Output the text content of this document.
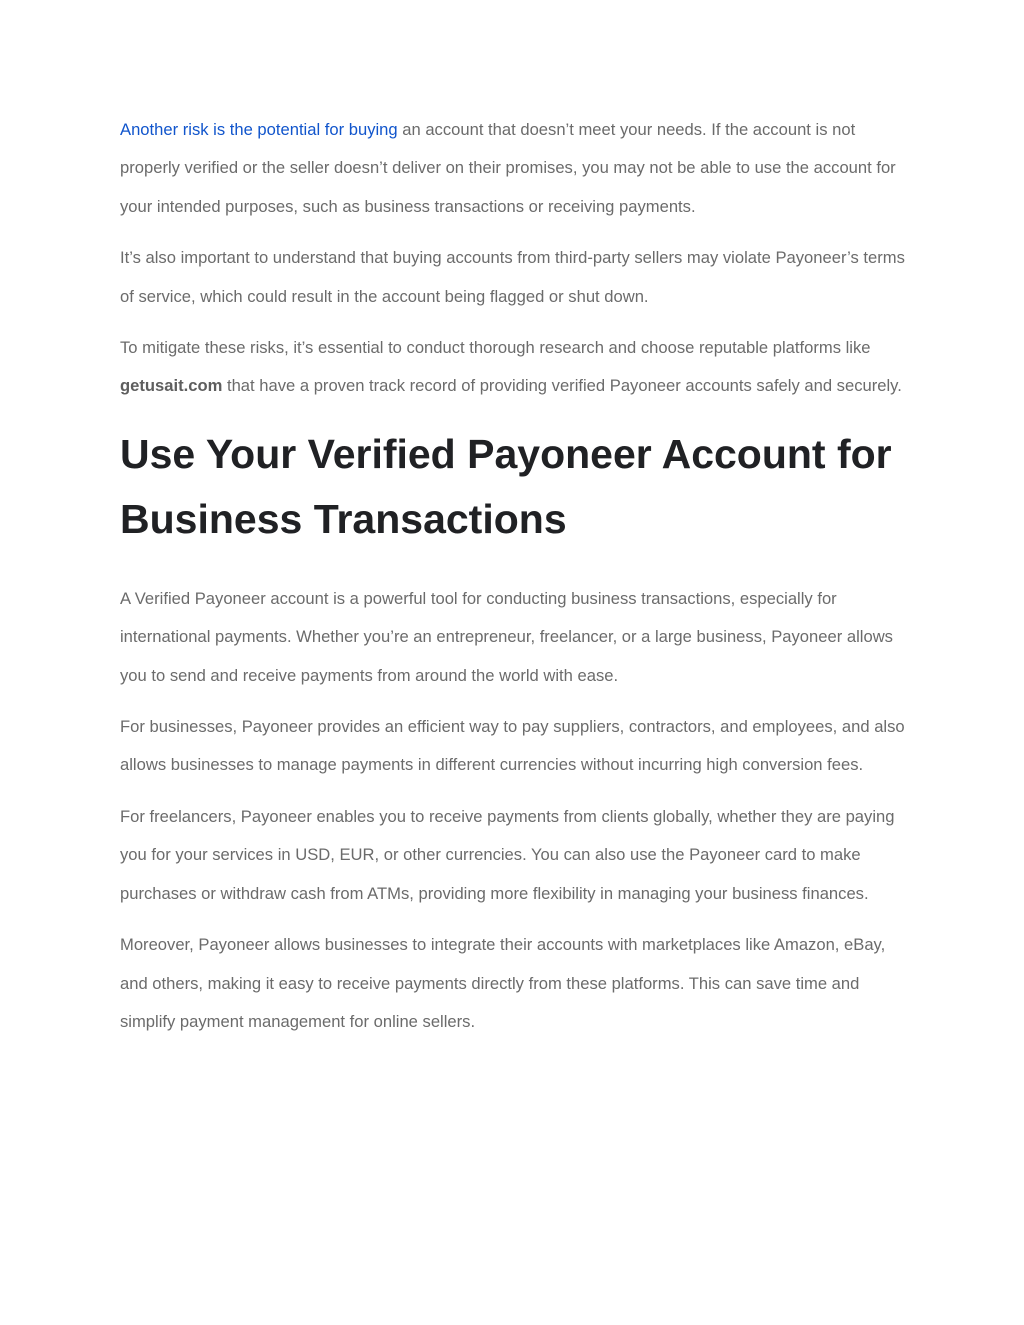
Another risk is the potential for buying an account that doesn’t meet your needs. If the account is not properly verified or the seller doesn’t deliver on their promises, you may not be able to use the account for your intended purposes, such as business transactions or receiving payments.

It’s also important to understand that buying accounts from third-party sellers may violate Payoneer’s terms of service, which could result in the account being flagged or shut down.

To mitigate these risks, it’s essential to conduct thorough research and choose reputable platforms like getusait.com that have a proven track record of providing verified Payoneer accounts safely and securely.

Use Your Verified Payoneer Account for Business Transactions

A Verified Payoneer account is a powerful tool for conducting business transactions, especially for international payments. Whether you’re an entrepreneur, freelancer, or a large business, Payoneer allows you to send and receive payments from around the world with ease.

For businesses, Payoneer provides an efficient way to pay suppliers, contractors, and employees, and also allows businesses to manage payments in different currencies without incurring high conversion fees.

For freelancers, Payoneer enables you to receive payments from clients globally, whether they are paying you for your services in USD, EUR, or other currencies. You can also use the Payoneer card to make purchases or withdraw cash from ATMs, providing more flexibility in managing your business finances.

Moreover, Payoneer allows businesses to integrate their accounts with marketplaces like Amazon, eBay, and others, making it easy to receive payments directly from these platforms. This can save time and simplify payment management for online sellers.
